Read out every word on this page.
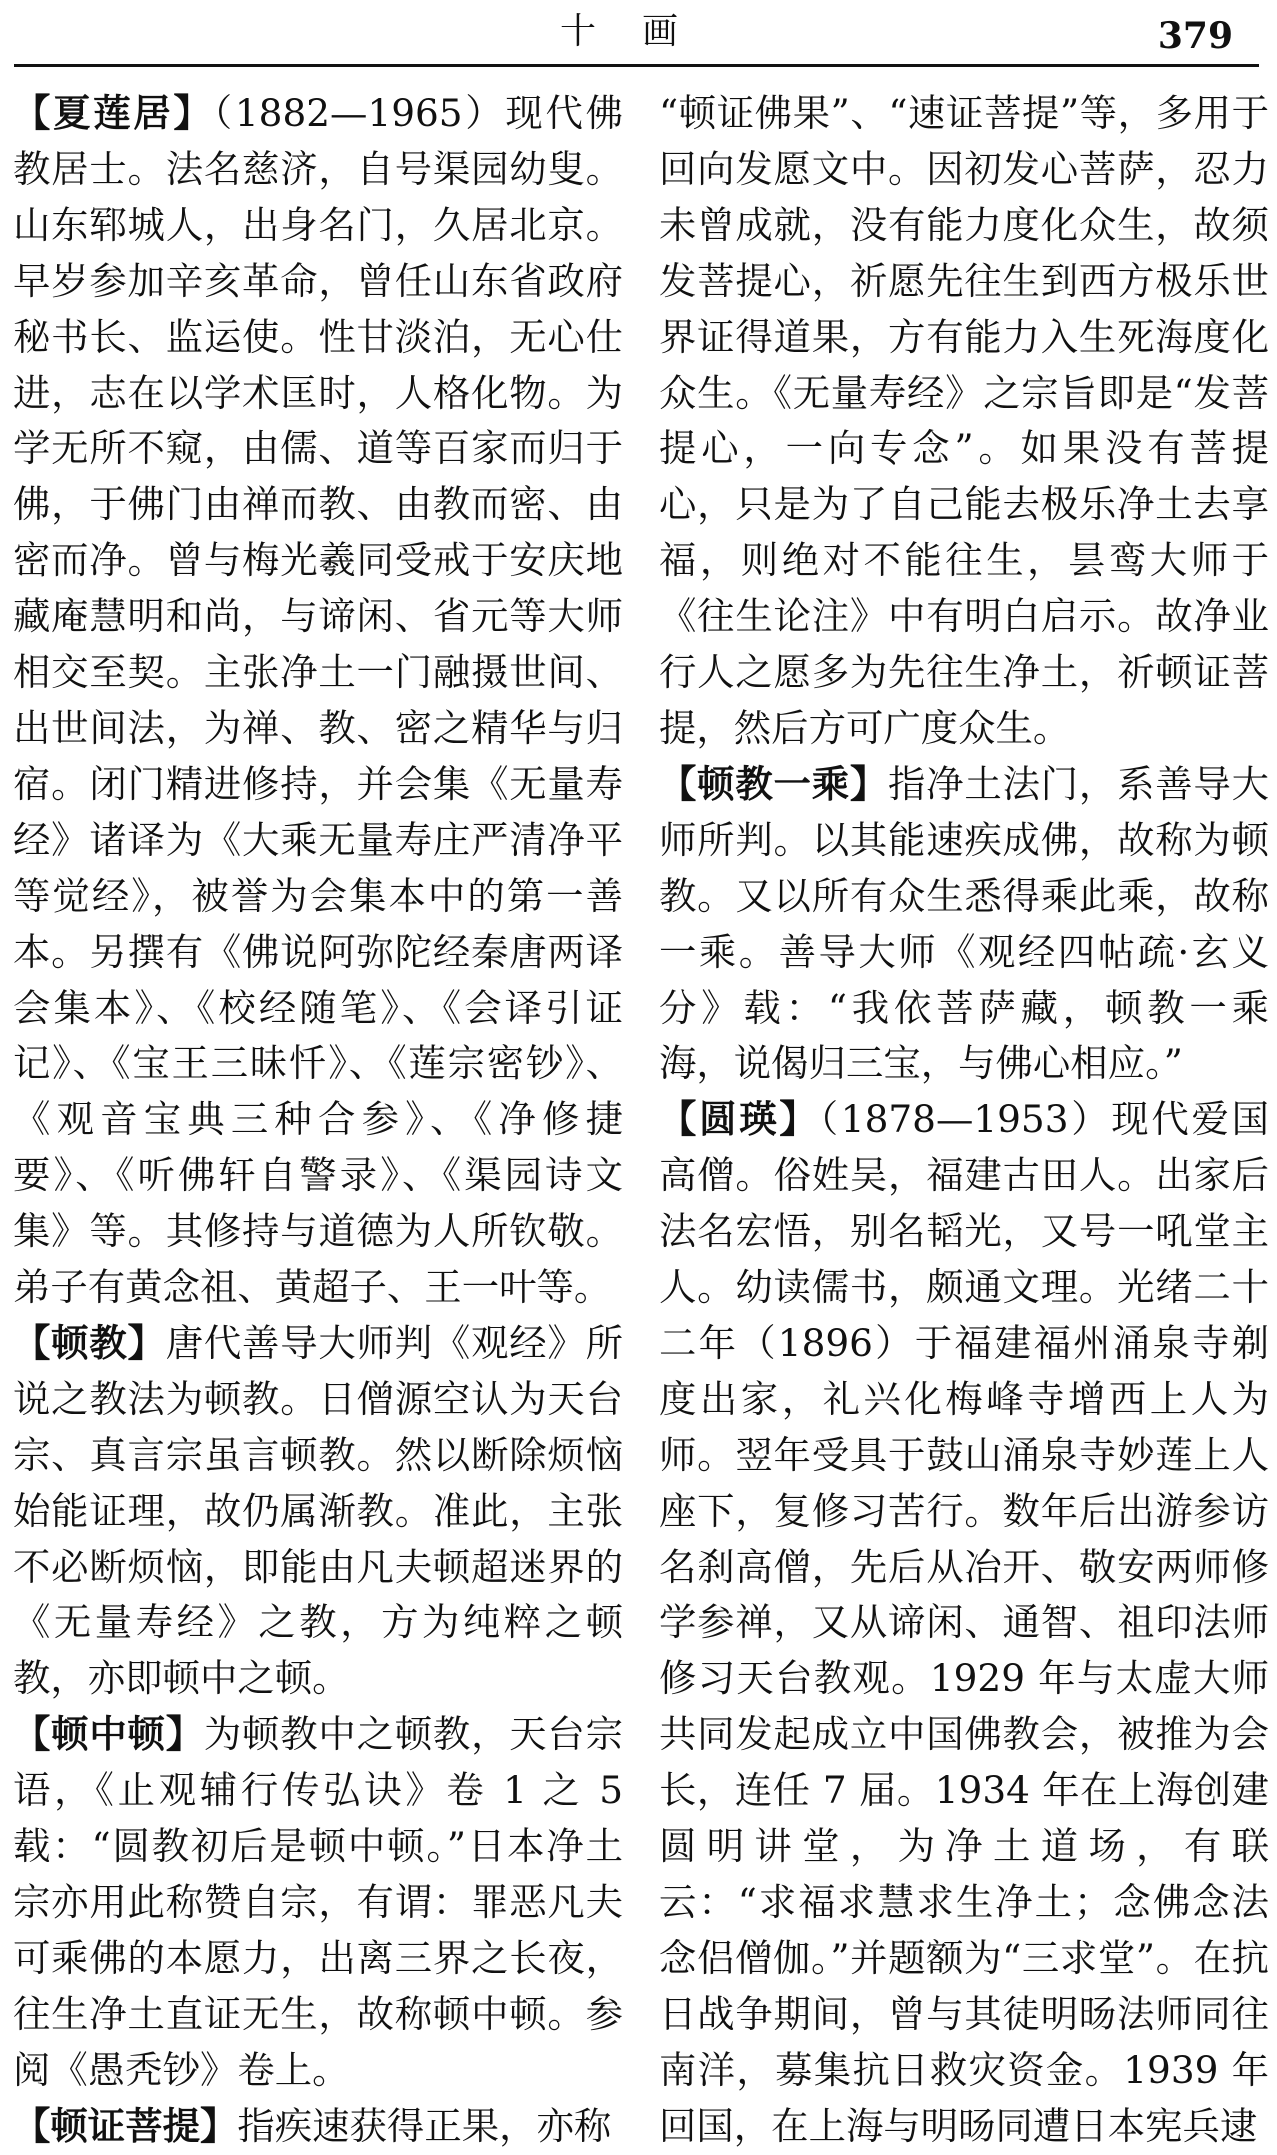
十画	379

【夏莲居】（1882—1965）现代佛教居士。法名慈济，自号渠园幼叟。山东郓城人，出身名门，久居北京。早岁参加辛亥革命，曾任山东省政府秘书长、监运使。性甘淡泊，无心仕进，志在以学术匡时，人格化物。为学无所不窥，由儒、道等百家而归于佛，于佛门由禅而教、由教而密、由密而净。曾与梅光羲同受戒于安庆地藏庵慧明和尚，与谛闲、省元等大师相交至契。主张净土一门融摄世间、出世间法，为禅、教、密之精华与归宿。闭门精进修持，并会集《无量寿经》诸译为《大乘无量寿庄严清净平等觉经》，被誉为会集本中的第一善本。另撰有《佛说阿弥陀经秦唐两译会集本》、《校经随笔》、《会译引证记》、《宝王三昧忏》、《莲宗密钞》、《观音宝典三种合参》、《净修捷要》、《听佛轩自警录》、《渠园诗文集》等。其修持与道德为人所钦敬。弟子有黄念祖、黄超子、王一叶等。

【顿教】唐代善导大师判《观经》所说之教法为顿教。日僧源空认为天台宗、真言宗虽言顿教。然以断除烦恼始能证理，故仍属渐教。准此，主张不必断烦恼，即能由凡夫顿超迷界的《无量寿经》之教，方为纯粹之顿教，亦即顿中之顿。

【顿中顿】为顿教中之顿教，天台宗语，《止观辅行传弘诀》卷 1 之 5 载：“圆教初后是顿中顿。”日本净土宗亦用此称赞自宗，有谓：罪恶凡夫可乘佛的本愿力，出离三界之长夜，往生净土直证无生，故称顿中顿。参阅《愚秃钞》卷上。

【顿证菩提】指疾速获得正果，亦称

“顿证佛果”、“速证菩提”等，多用于回向发愿文中。因初发心菩萨，忍力未曾成就，没有能力度化众生，故须发菩提心，祈愿先往生到西方极乐世界证得道果，方有能力入生死海度化众生。《无量寿经》之宗旨即是“发菩提心，一向专念”。如果没有菩提心，只是为了自己能去极乐净土去享福，则绝对不能往生，昙鸾大师于《往生论注》中有明白启示。故净业行人之愿多为先往生净土，祈顿证菩提，然后方可广度众生。

【顿教一乘】指净土法门，系善导大师所判。以其能速疾成佛，故称为顿教。又以所有众生悉得乘此乘，故称一乘。善导大师《观经四帖疏·玄义分》载：“我依菩萨藏，顿教一乘海，说偈归三宝，与佛心相应。”

【圆瑛】（1878—1953）现代爱国高僧。俗姓吴，福建古田人。出家后法名宏悟，别名韬光，又号一吼堂主人。幼读儒书，颇通文理。光绪二十二年（1896）于福建福州涌泉寺剃度出家，礼兴化梅峰寺增西上人为师。翌年受具于鼓山涌泉寺妙莲上人座下，复修习苦行。数年后出游参访名刹高僧，先后从冶开、敬安两师修学参禅，又从谛闲、通智、祖印法师修习天台教观。1929 年与太虚大师共同发起成立中国佛教会，被推为会长，连任 7 届。1934 年在上海创建圆明讲堂，为净土道场，有联云：“求福求慧求生净土；念佛念法念侣僧伽。”并题额为“三求堂”。在抗日战争期间，曾与其徒明旸法师同往南洋，募集抗日救灾资金。1939 年回国，在上海与明旸同遭日本宪兵逮
